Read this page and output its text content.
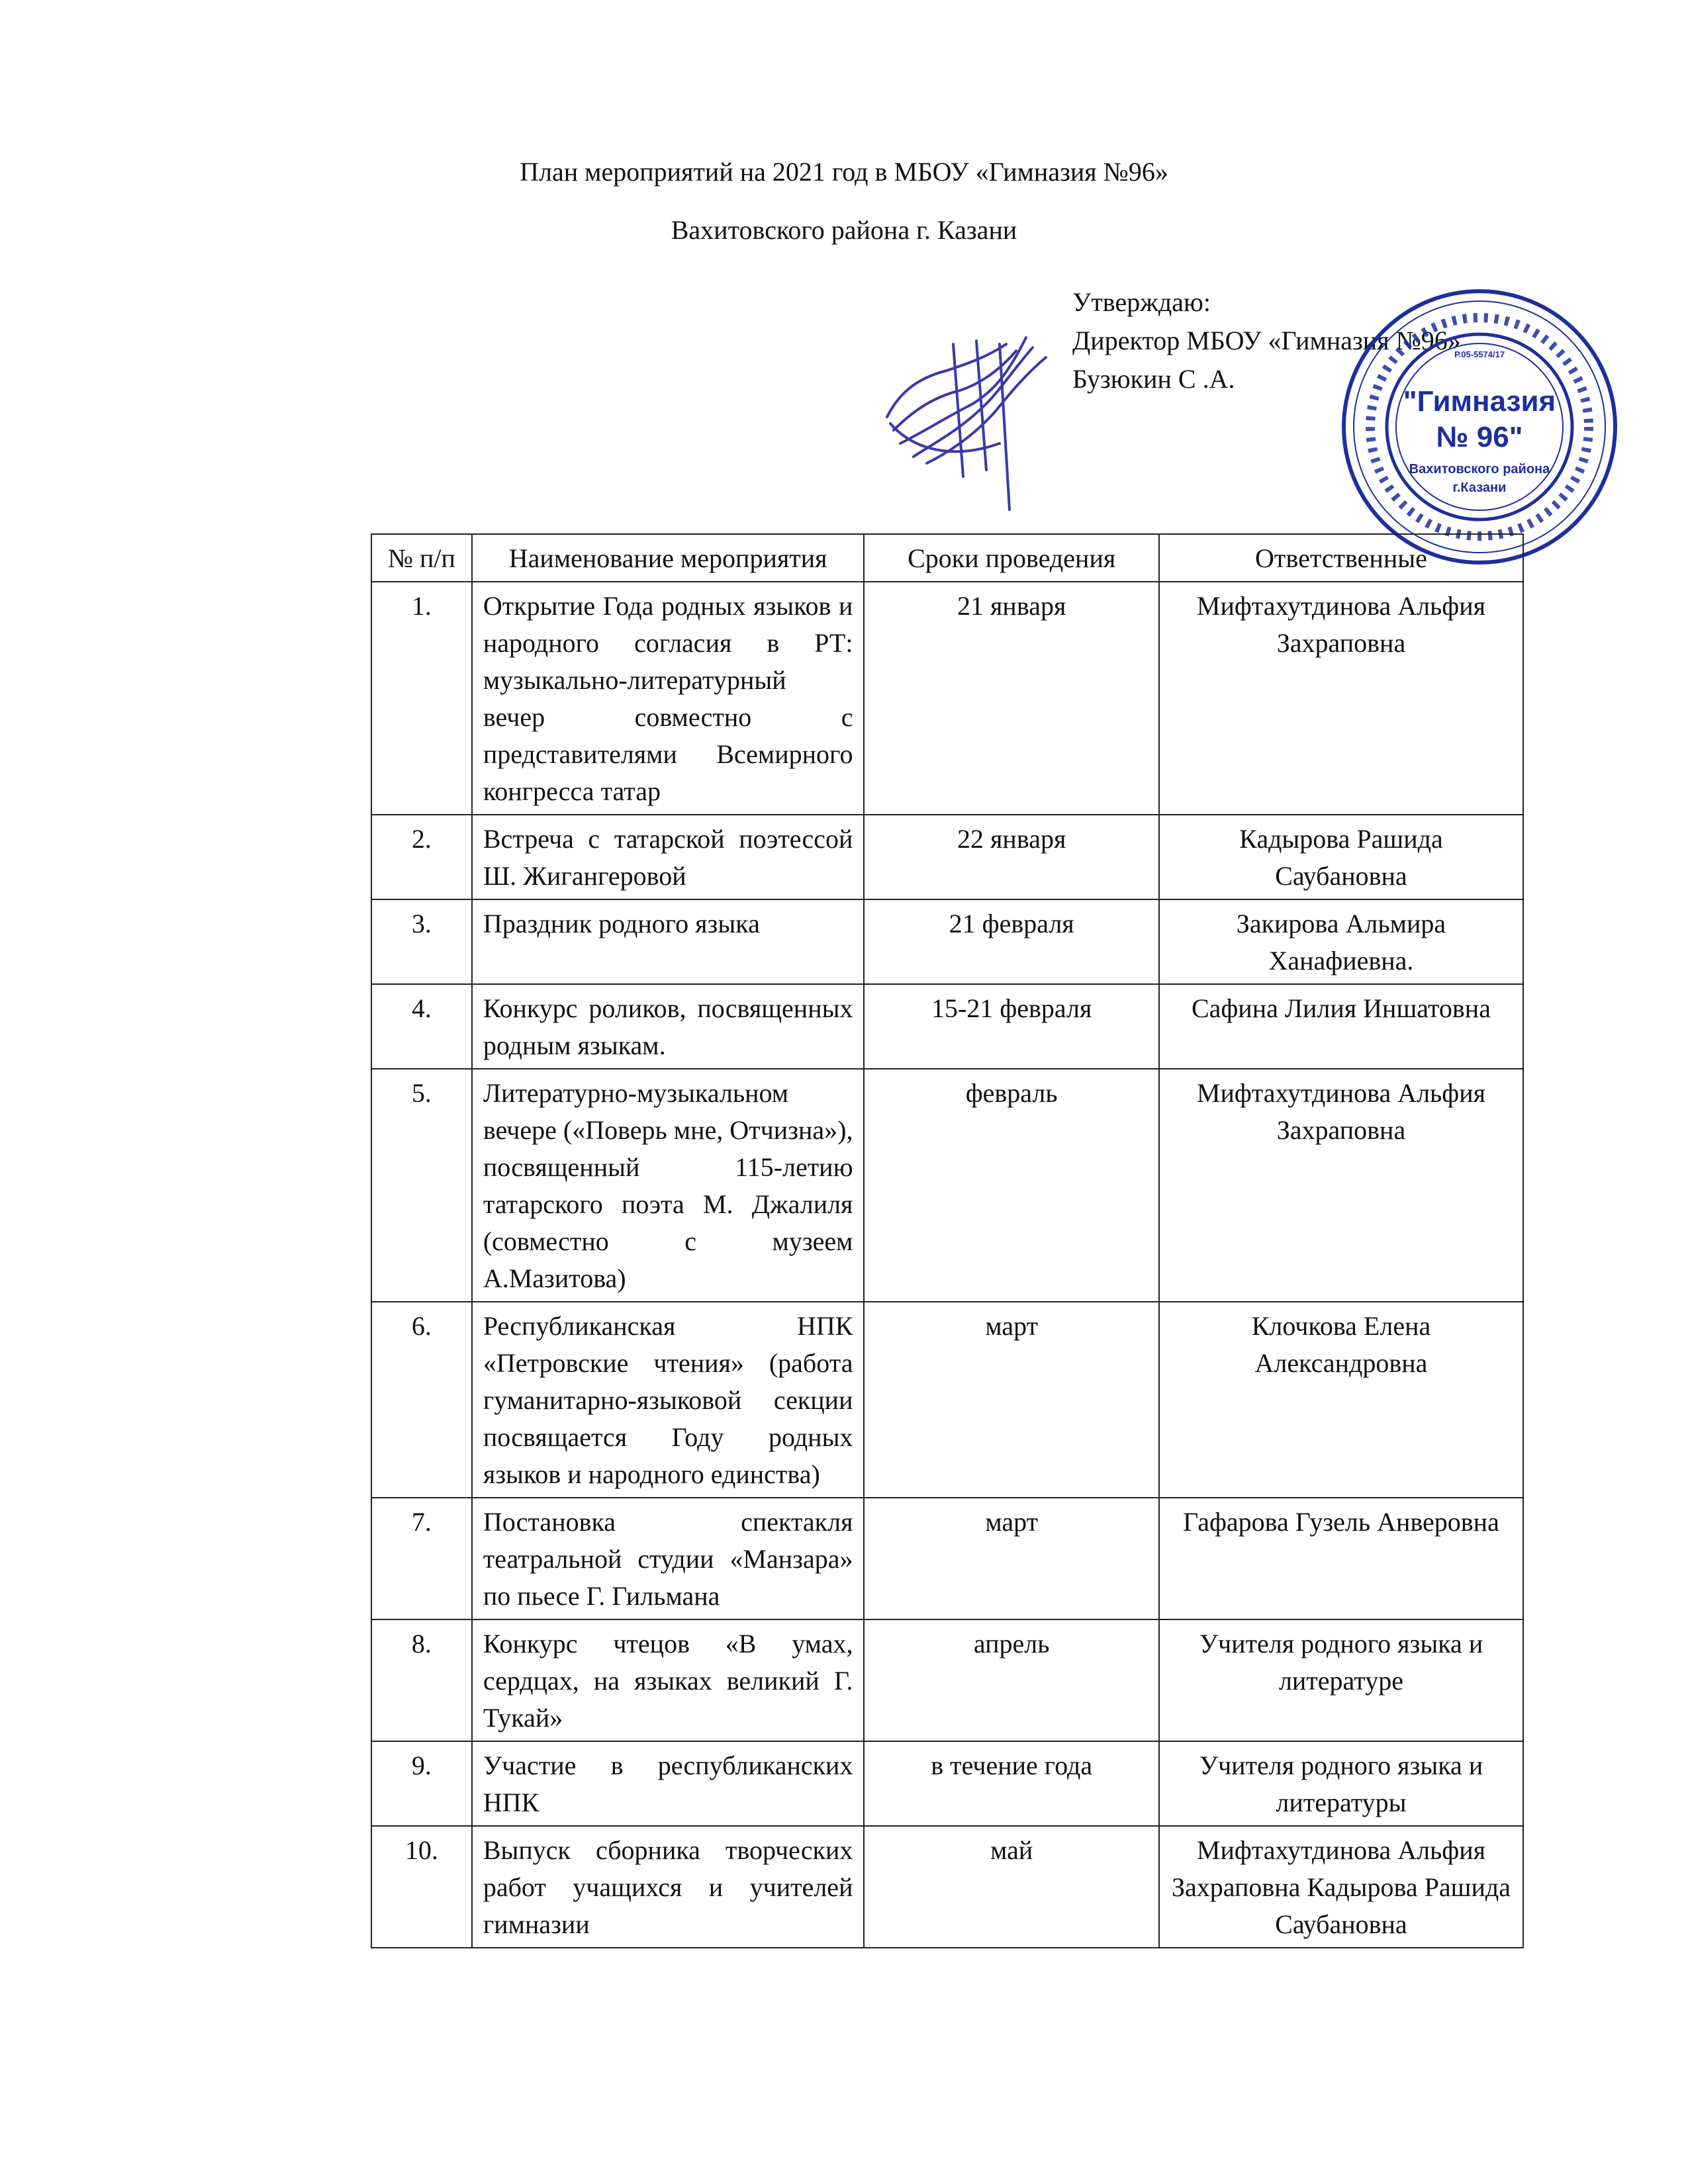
План мероприятий на 2021 год в МБОУ «Гимназия №96»
Вахитовского района г. Казани
Утверждаю:
Директор МБОУ «Гимназия №96»
Бузюкин С .А.
Р.05-5574/17
"Гимназия
№ 96"
Вахитовского района
г.Казани
№ п/п	Наименование мероприятия	Сроки проведения	Ответственные
1.	Открытие Года родных языков и народного согласия в РТ: музыкально-литературный вечер совместно с представителями Всемирного конгресса татар	21 января	Мифтахутдинова Альфия Захраповна
2.	Встреча с татарской поэтессой Ш. Жигангеровой	22 января	Кадырова Рашида Саубановна
3.	Праздник родного языка	21 февраля	Закирова Альмира Ханафиевна.
4.	Конкурс роликов, посвященных родным языкам.	15-21 февраля	Сафина Лилия Иншатовна
5.	Литературно-музыкальном вечере («Поверь мне, Отчизна»), посвященный 115-летию татарского поэта М. Джалиля (совместно с музеем А.Мазитова)	февраль	Мифтахутдинова Альфия Захраповна
6.	Республиканская НПК «Петровские чтения» (работа гуманитарно-языковой секции посвящается Году родных языков и народного единства)	март	Клочкова Елена Александровна
7.	Постановка спектакля театральной студии «Манзара» по пьесе Г. Гильмана	март	Гафарова Гузель Анверовна
8.	Конкурс чтецов «В умах, сердцах, на языках великий Г. Тукай»	апрель	Учителя родного языка и литературе
9.	Участие в республиканских НПК	в течение года	Учителя родного языка и литературы
10.	Выпуск сборника творческих работ учащихся и учителей гимназии	май	Мифтахутдинова Альфия Захраповна Кадырова Рашида Саубановна
